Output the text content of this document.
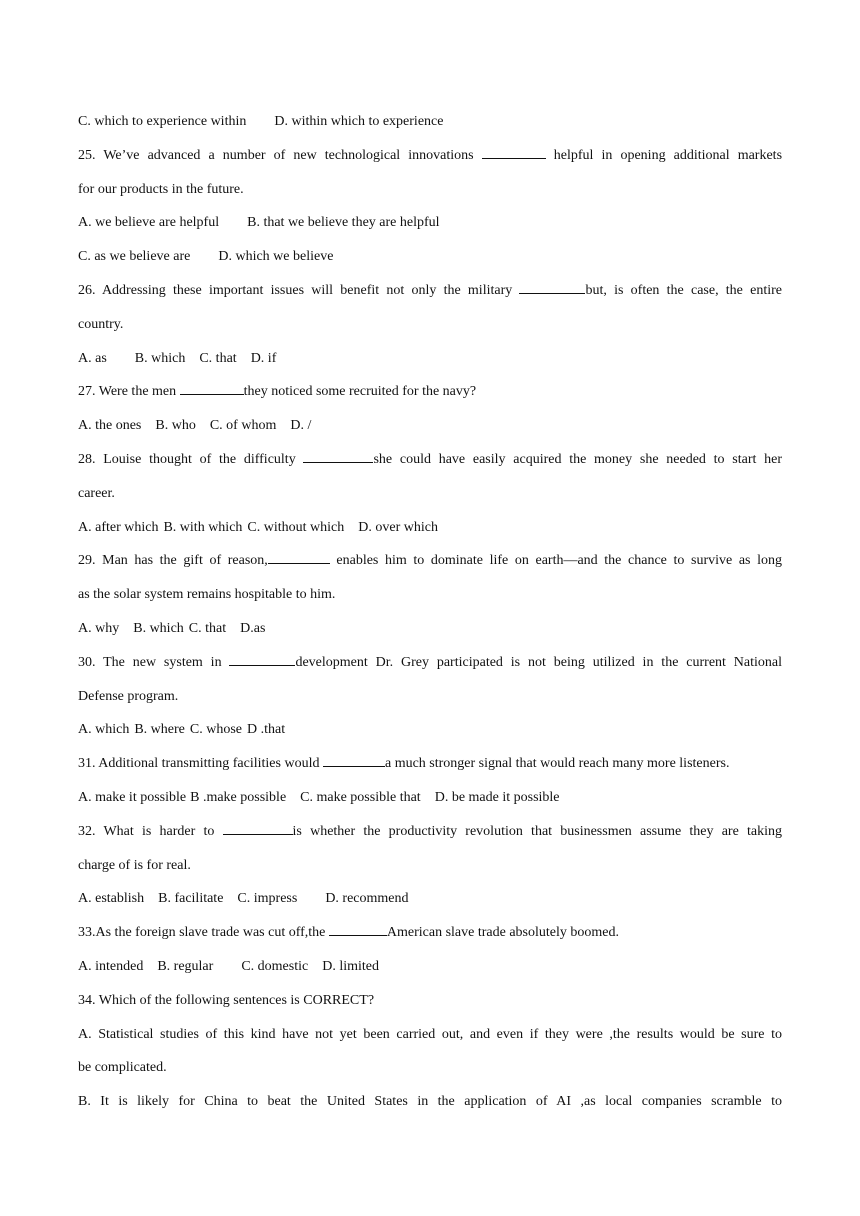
C. which to experience within D. within which to experience
25. We’ve advanced a number of new technological innovations	helpful in opening additional markets
for our products in the future.
A. we believe are helpful B. that we believe they are helpful
C. as we believe are D. which we believe
26. Addressing these important issues will benefit not only the military	but, is often the case, the entire
country.
A. as B. which C. that D. if
27. Were the men	they noticed some recruited for the navy?
A. the ones B. who C. of whom D. /
28. Louise thought of the difficulty	she could have easily acquired the money she needed to start her
career.
A. after which B. with which C. without which D. over which
29. Man has the gift of reason,	enables him to dominate life on earth—and the chance to survive as long
as the solar system remains hospitable to him.
A. why B. which C. that D.as
30. The new system in	development Dr. Grey participated is not being utilized in the current National
Defense program.
A. which B. where C. whose D .that
31. Additional transmitting facilities would	a much stronger signal that would reach many more listeners.
A. make it possible B .make possible C. make possible that D. be made it possible
32. What is harder to	is whether the productivity revolution that businessmen assume they are taking
charge of is for real.
A. establish B. facilitate C. impress D. recommend
33.As the foreign slave trade was cut off,the	American slave trade absolutely boomed.
A. intended B. regular C. domestic D. limited
34. Which of the following sentences is CORRECT?
A. Statistical studies of this kind have not yet been carried out, and even if they were ,the results would be sure to
be complicated.
B. It is likely for China to beat the United States in the application of AI ,as local companies scramble to
